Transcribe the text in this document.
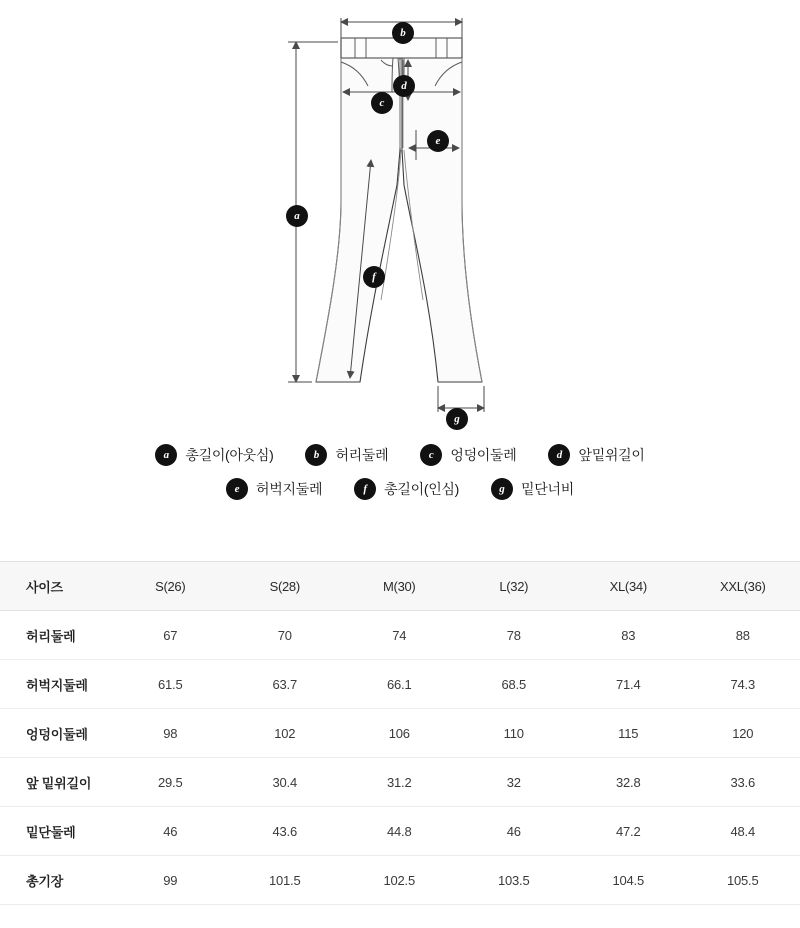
a
b
c
d
e
f
g
a 총길이(아웃심)	b 허리둘레	c 엉덩이둘레	d 앞밑위길이
e 허벅지둘레	f 총길이(인심)	g 밑단너비
사이즈	S(26)	S(28)	M(30)	L(32)	XL(34)	XXL(36)
허리둘레	67	70	74	78	83	88
허벅지둘레	61.5	63.7	66.1	68.5	71.4	74.3
엉덩이둘레	98	102	106	110	115	120
앞 밑위길이	29.5	30.4	31.2	32	32.8	33.6
밑단둘레	46	43.6	44.8	46	47.2	48.4
총기장	99	101.5	102.5	103.5	104.5	105.5
